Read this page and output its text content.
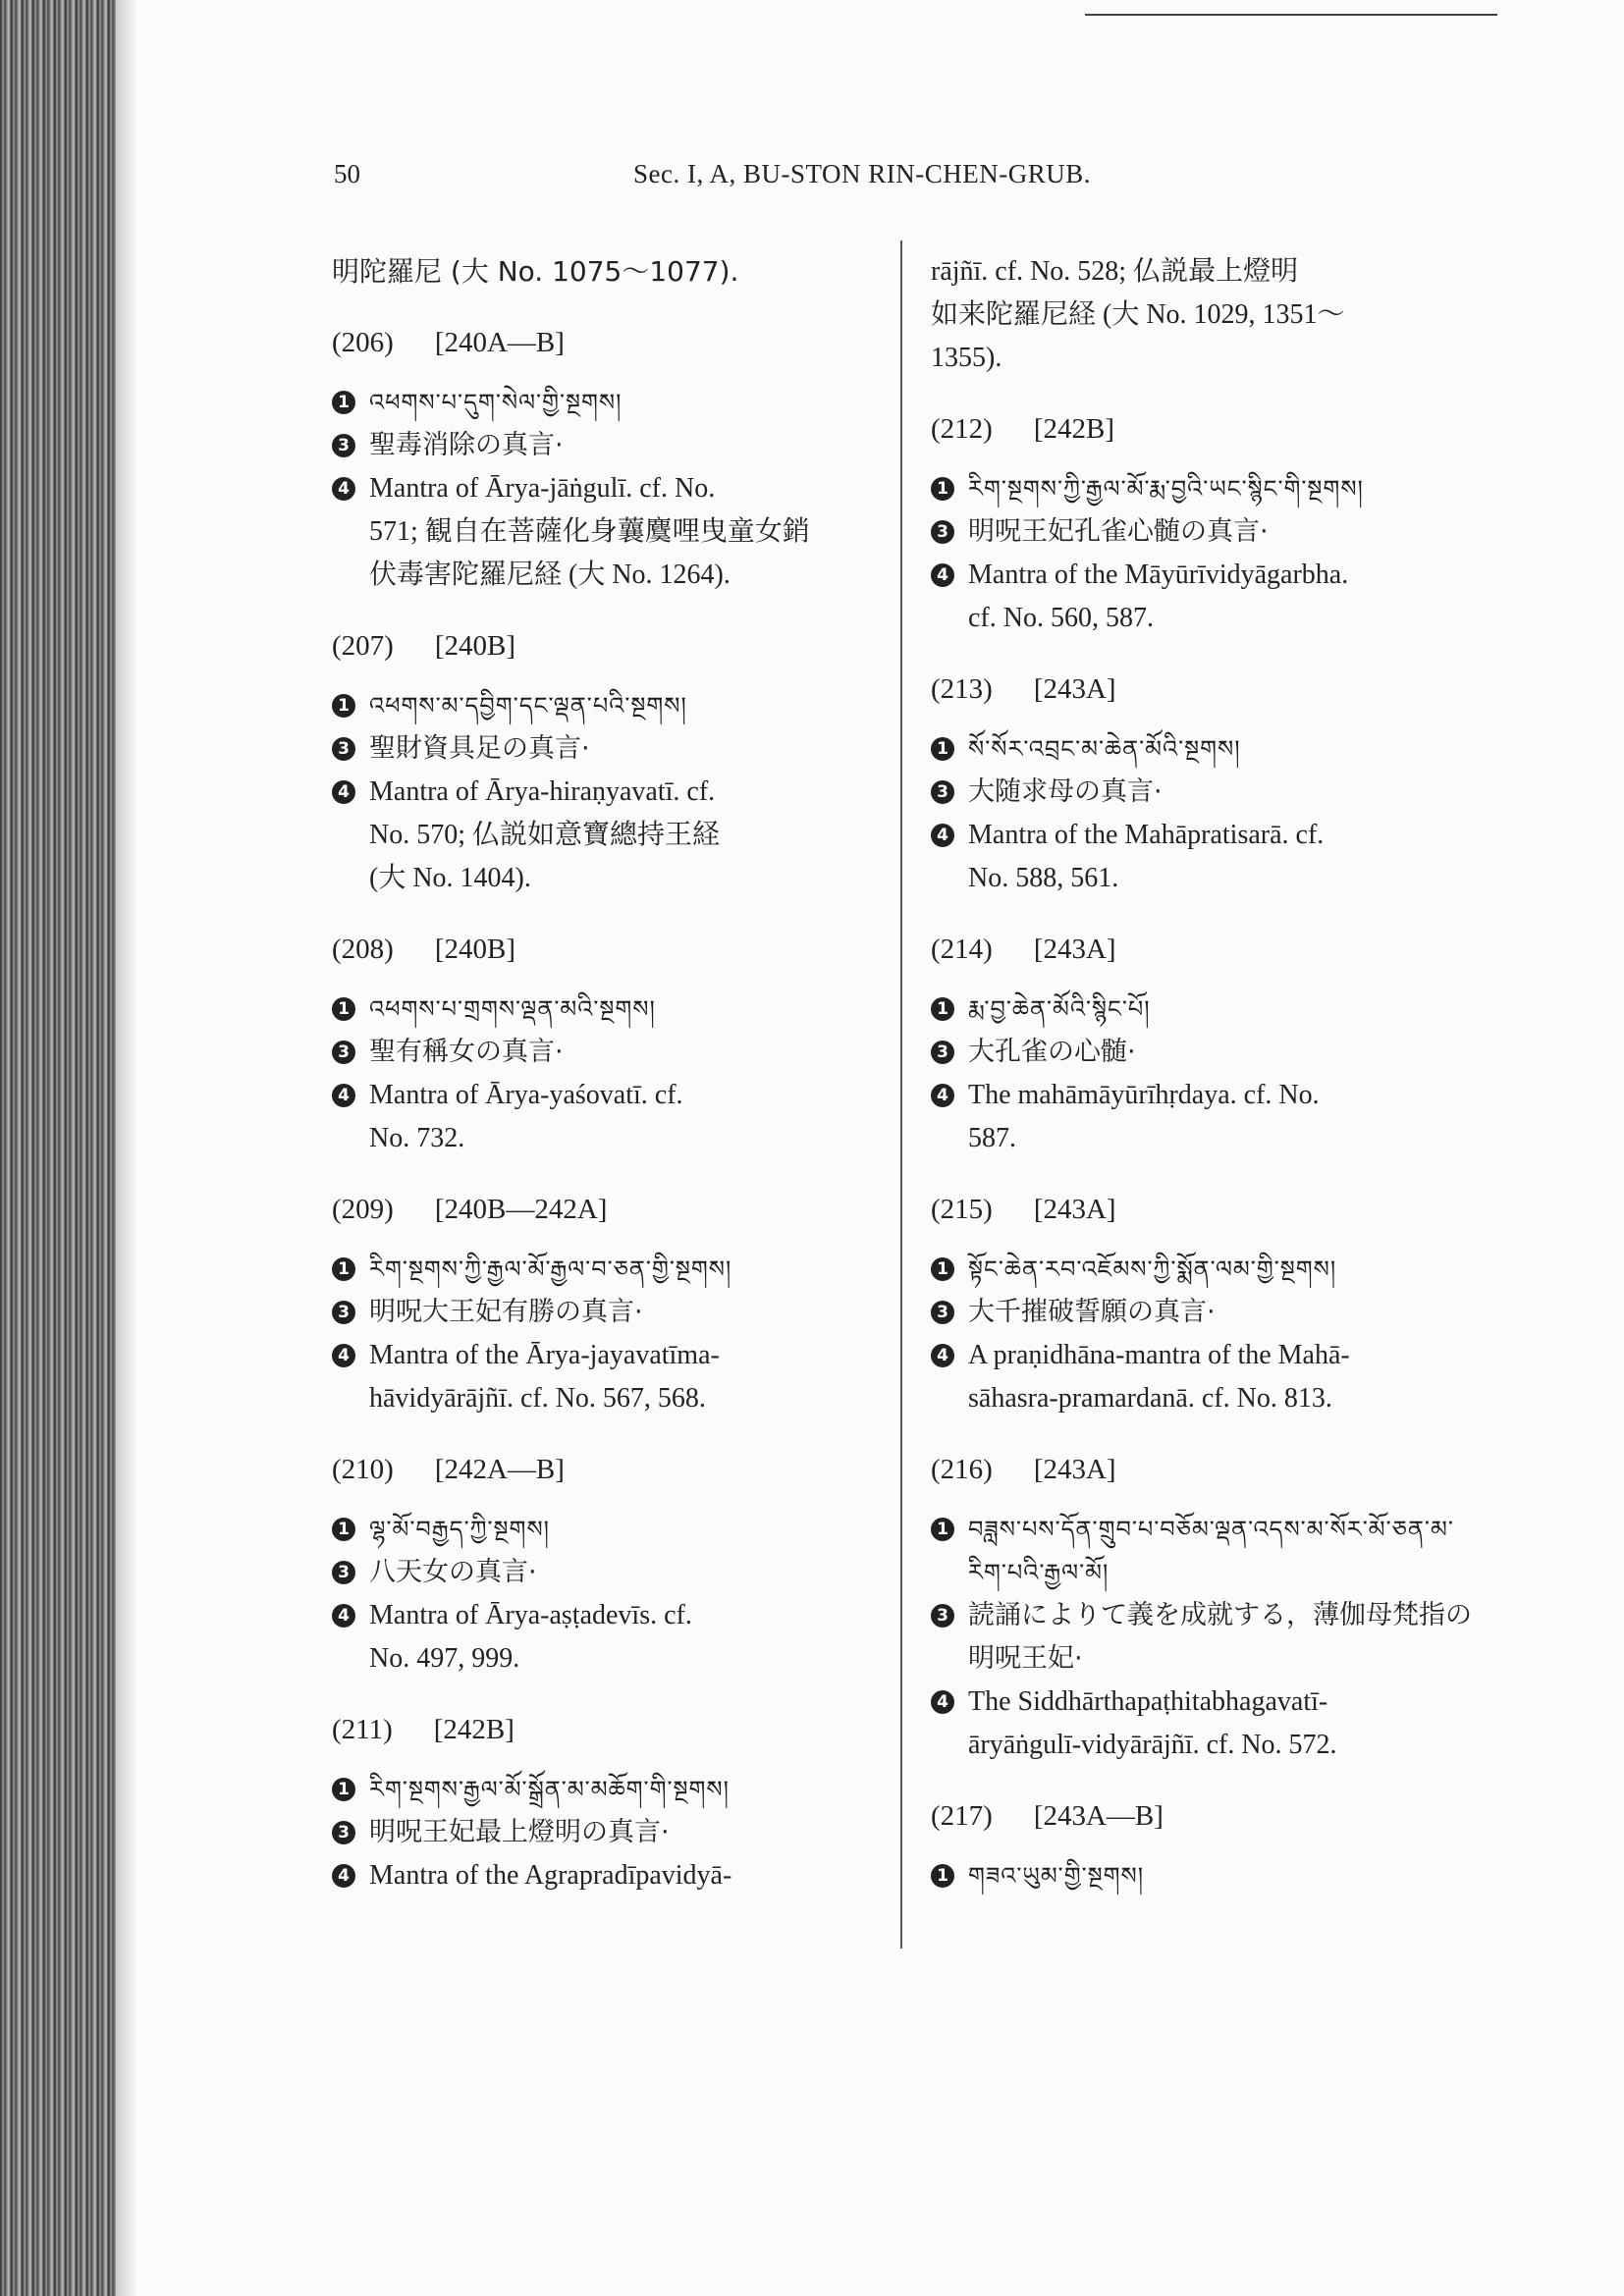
50	Sec. I, A, BU-STON RIN-CHEN-GRUB.
明陀羅尼 (大 No. 1075～1077).
(206) [240A—B]
1 འཕགས་པ་དུག་སེལ་གྱི་སྔགས།
3 聖毒消除の真言·
4 Mantra of Ārya-jāṅgulī. cf. No.
571; 観自在菩薩化身蘘麌哩曳童女銷
伏毒害陀羅尼経 (大 No. 1264).
(207) [240B]
1 འཕགས་མ་དབྱིག་དང་ལྡན་པའི་སྔགས།
3 聖財資具足の真言·
4 Mantra of Ārya-hiraṇyavatī. cf.
No. 570; 仏説如意寶總持王経
(大 No. 1404).
(208) [240B]
1 འཕགས་པ་གྲགས་ལྡན་མའི་སྔགས།
3 聖有稱女の真言·
4 Mantra of Ārya-yaśovatī. cf.
No. 732.
(209) [240B—242A]
1 རིག་སྔགས་ཀྱི་རྒྱལ་མོ་རྒྱལ་བ་ཅན་གྱི་སྔགས།
3 明呪大王妃有勝の真言·
4 Mantra of the Ārya-jayavatīma-
hāvidyārājñī. cf. No. 567, 568.
(210) [242A—B]
1 ལྷ་མོ་བརྒྱད་ཀྱི་སྔགས།
3 八天女の真言·
4 Mantra of Ārya-aṣṭadevīs. cf.
No. 497, 999.
(211) [242B]
1 རིག་སྔགས་རྒྱལ་མོ་སྒྲོན་མ་མཆོག་གི་སྔགས།
3 明呪王妃最上燈明の真言·
4 Mantra of the Agrapradīpavidyā-
rājñī. cf. No. 528; 仏説最上燈明
如来陀羅尼経 (大 No. 1029, 1351～
1355).
(212) [242B]
1 རིག་སྔགས་ཀྱི་རྒྱལ་མོ་རྨ་བྱའི་ཡང་སྙིང་གི་སྔགས།
3 明呪王妃孔雀心髄の真言·
4 Mantra of the Māyūrīvidyāgarbha.
cf. No. 560, 587.
(213) [243A]
1 སོ་སོར་འབྲང་མ་ཆེན་མོའི་སྔགས།
3 大随求母の真言·
4 Mantra of the Mahāpratisarā. cf.
No. 588, 561.
(214) [243A]
1 རྨ་བྱ་ཆེན་མོའི་སྙིང་པོ།
3 大孔雀の心髄·
4 The mahāmāyūrīhṛdaya. cf. No.
587.
(215) [243A]
1 སྟོང་ཆེན་རབ་འཇོམས་ཀྱི་སྨོན་ལམ་གྱི་སྔགས།
3 大千摧破誓願の真言·
4 A praṇidhāna-mantra of the Mahā-
sāhasra-pramardanā. cf. No. 813.
(216) [243A]
1 བཟླས་པས་དོན་གྲུབ་པ་བཅོམ་ལྡན་འདས་མ་སོར་མོ་ཅན་མ་རིག་པའི་རྒྱལ་མོ།
3 読誦によりて義を成就する，薄伽母梵指の明呪王妃·
4 The Siddhārthapaṭhitabhagavatī-
āryāṅgulī-vidyārājñī. cf. No. 572.
(217) [243A—B]
1 གཟའ་ཡུམ་གྱི་སྔགས།
